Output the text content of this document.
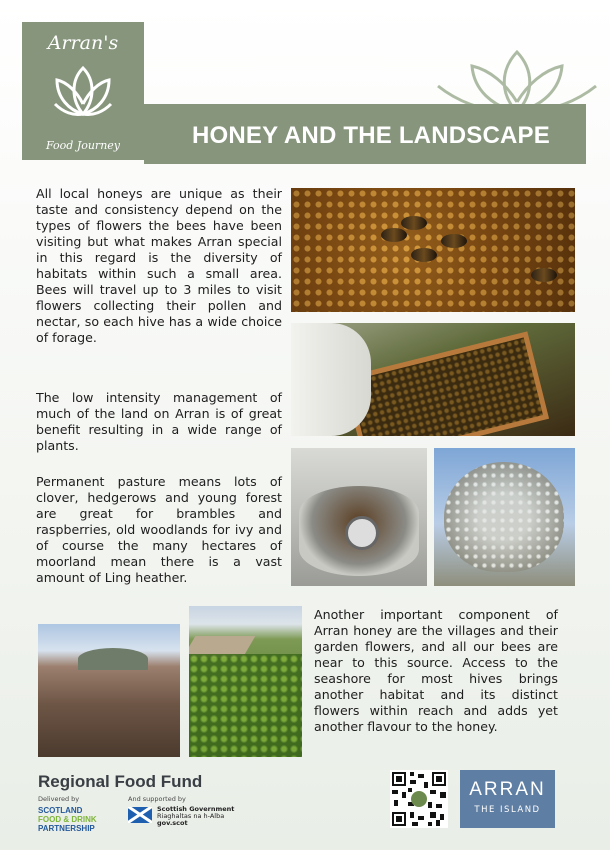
Arran's
Food Journey	HONEY AND THE LANDSCAPE

All local honeys are unique as their taste and consistency depend on the types of flowers the bees have been visiting but what makes Arran special in this regard is the diversity of habitats within such a small area. Bees will travel up to 3 miles to visit flowers collecting their pollen and nectar, so each hive has a wide choice of forage.

The low intensity management of much of the land on Arran is of great benefit resulting in a wide range of plants.

Permanent pasture means lots of clover, hedgerows and young forest are great for brambles and raspberries, old woodlands for ivy and of course the many hectares of moorland mean there is a vast amount of Ling heather.

Another important component of Arran honey are the villages and their garden flowers, and all our bees are near to this source. Access to the seashore for most hives brings another habitat and its distinct flowers within reach and adds yet another flavour to the honey.

Regional Food Fund
Delivered by	And supported by
SCOTLAND
FOOD & DRINK
PARTNERSHIP
Scottish Government
Riaghaltas na h-Alba
gov.scot
ARRAN
THE ISLAND
